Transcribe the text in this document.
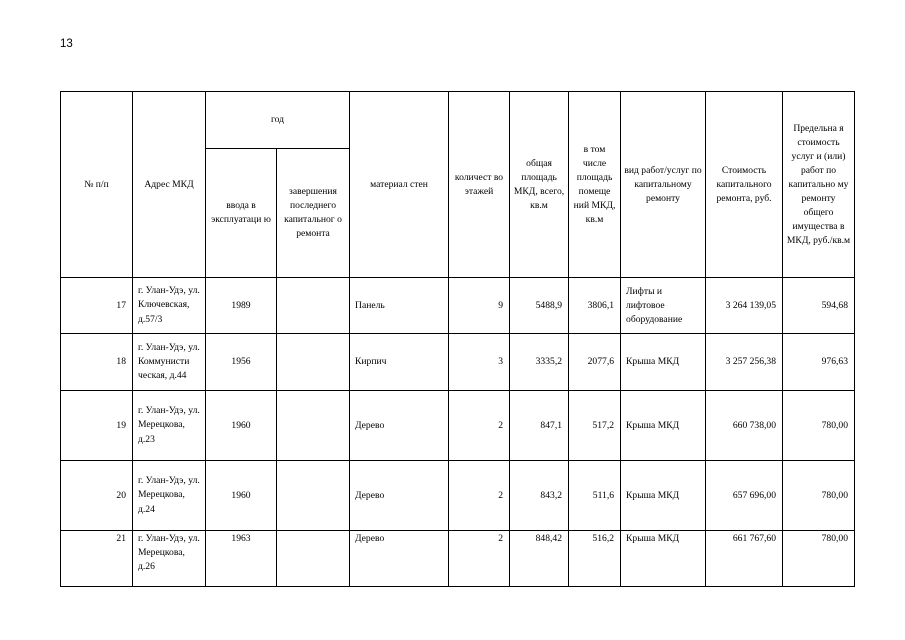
13
№ п/п	Адрес МКД	год		материал стен	количест во этажей	общая площадь МКД, всего, кв.м	в том числе площадь помеще ний МКД, кв.м	вид работ/услуг по капитальному ремонту	Стоимость капитального ремонта, руб.	Предельна я стоимость услуг и (или) работ по капитально му ремонту общего имущества в МКД, руб./кв.м
		ввода в эксплуатаци ю	завершения последнего капитальног о ремонта							
17	г. Улан-Удэ, ул. Ключевская, д.57/3	1989		Панель	9	5488,9	3806,1	Лифты и лифтовое оборудование	3 264 139,05	594,68
18	г. Улан-Удэ, ул. Коммунисти ческая, д.44	1956		Кирпич	3	3335,2	2077,6	Крыша МКД	3 257 256,38	976,63
19	г. Улан-Удэ, ул. Мерецкова, д.23	1960		Дерево	2	847,1	517,2	Крыша МКД	660 738,00	780,00
20	г. Улан-Удэ, ул. Мерецкова, д.24	1960		Дерево	2	843,2	511,6	Крыша МКД	657 696,00	780,00
21	г. Улан-Удэ, ул. Мерецкова, д.26	1963		Дерево	2	848,42	516,2	Крыша МКД	661 767,60	780,00
